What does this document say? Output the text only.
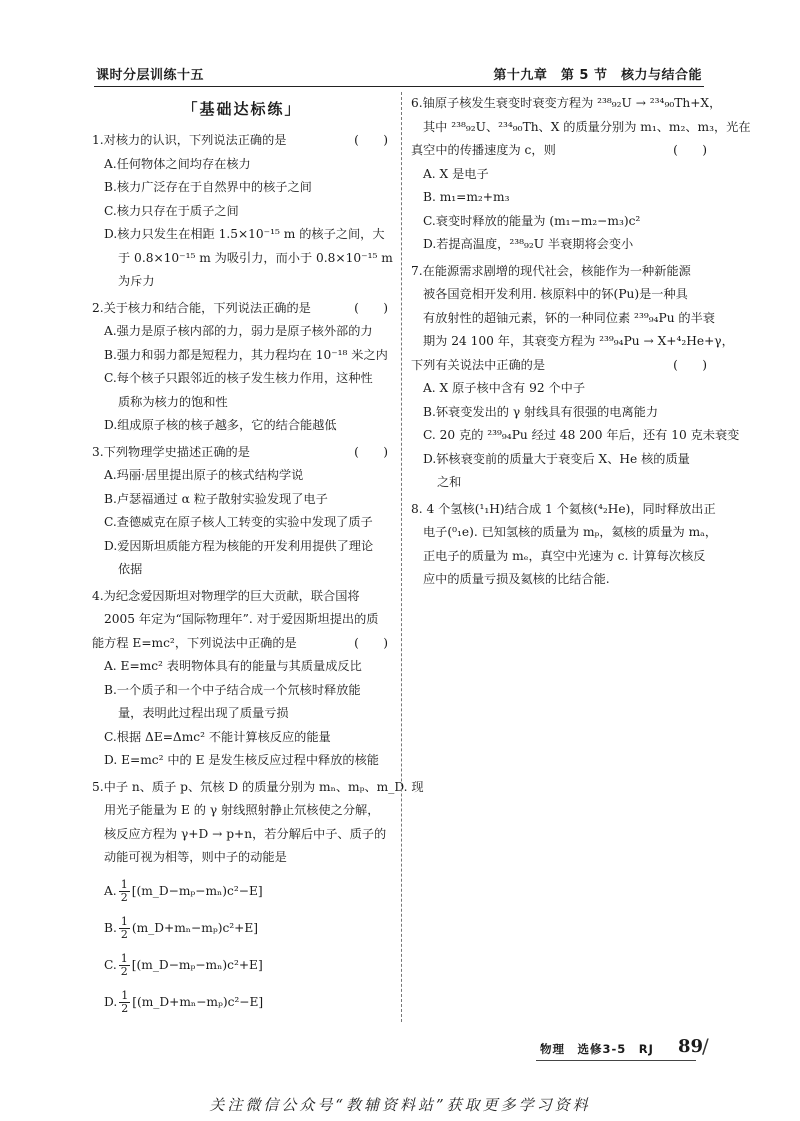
课时分层训练十五	第十九章　第 5 节　核力与结合能
「基础达标练」
1.对核力的认识，下列说法正确的是	(　　)
A.任何物体之间均存在核力
B.核力广泛存在于自然界中的核子之间
C.核力只存在于质子之间
D.核力只发生在相距 1.5×10⁻¹⁵ m 的核子之间，大
于 0.8×10⁻¹⁵ m 为吸引力，而小于 0.8×10⁻¹⁵ m
为斥力
2.关于核力和结合能，下列说法正确的是	(　　)
A.强力是原子核内部的力，弱力是原子核外部的力
B.强力和弱力都是短程力，其力程均在 10⁻¹⁸ 米之内
C.每个核子只跟邻近的核子发生核力作用，这种性
质称为核力的饱和性
D.组成原子核的核子越多，它的结合能越低
3.下列物理学史描述正确的是	(　　)
A.玛丽·居里提出原子的核式结构学说
B.卢瑟福通过 α 粒子散射实验发现了电子
C.查德威克在原子核人工转变的实验中发现了质子
D.爱因斯坦质能方程为核能的开发利用提供了理论
依据
4.为纪念爱因斯坦对物理学的巨大贡献，联合国将
2005 年定为“国际物理年”. 对于爱因斯坦提出的质
能方程 E=mc²，下列说法中正确的是	(　　)
A. E=mc² 表明物体具有的能量与其质量成反比
B.一个质子和一个中子结合成一个氘核时释放能
量，表明此过程出现了质量亏损
C.根据 ΔE=Δmc² 不能计算核反应的能量
D. E=mc² 中的 E 是发生核反应过程中释放的核能
5.中子 n、质子 p、氘核 D 的质量分别为 mₙ、mₚ、m_D. 现
用光子能量为 E 的 γ 射线照射静止氘核使之分解，
核反应方程为 γ+D → p+n，若分解后中子、质子的
动能可视为相等，则中子的动能是
A. $\frac{1}{2}$ [(m_D−mₚ−mₙ)c²−E]
B. $\frac{1}{2}$ (m_D+mₙ−mₚ)c²+E]
C. $\frac{1}{2}$ [(m_D−mₚ−mₙ)c²+E]
D. $\frac{1}{2}$ [(m_D+mₙ−mₚ)c²−E]
6.铀原子核发生衰变时衰变方程为 ²³⁸₉₂U → ²³⁴₉₀Th+X，
其中 ²³⁸₉₂U、²³⁴₉₀Th、X 的质量分别为 m₁、m₂、m₃，光在
真空中的传播速度为 c，则	(　　)
A. X 是电子
B. m₁=m₂+m₃
C.衰变时释放的能量为 (m₁−m₂−m₃)c²
D.若提高温度，²³⁸₉₂U 半衰期将会变小
7.在能源需求剧增的现代社会，核能作为一种新能源
被各国竞相开发利用. 核原料中的钚(Pu)是一种具
有放射性的超铀元素，钚的一种同位素 ²³⁹₉₄Pu 的半衰
期为 24 100 年，其衰变方程为 ²³⁹₉₄Pu → X+⁴₂He+γ，
下列有关说法中正确的是	(　　)
A. X 原子核中含有 92 个中子
B.钚衰变发出的 γ 射线具有很强的电离能力
C. 20 克的 ²³⁹₉₄Pu 经过 48 200 年后，还有 10 克未衰变
D.钚核衰变前的质量大于衰变后 X、He 核的质量
之和
8. 4 个氢核(¹₁H)结合成 1 个氦核(⁴₂He)，同时释放出正
电子(⁰₁e). 已知氢核的质量为 mₚ，氦核的质量为 mₐ，
正电子的质量为 mₑ，真空中光速为 c. 计算每次核反
应中的质量亏损及氦核的比结合能.
物理　选修3-5　RJ 89
/
关注微信公众号“教辅资料站”获取更多学习资料
